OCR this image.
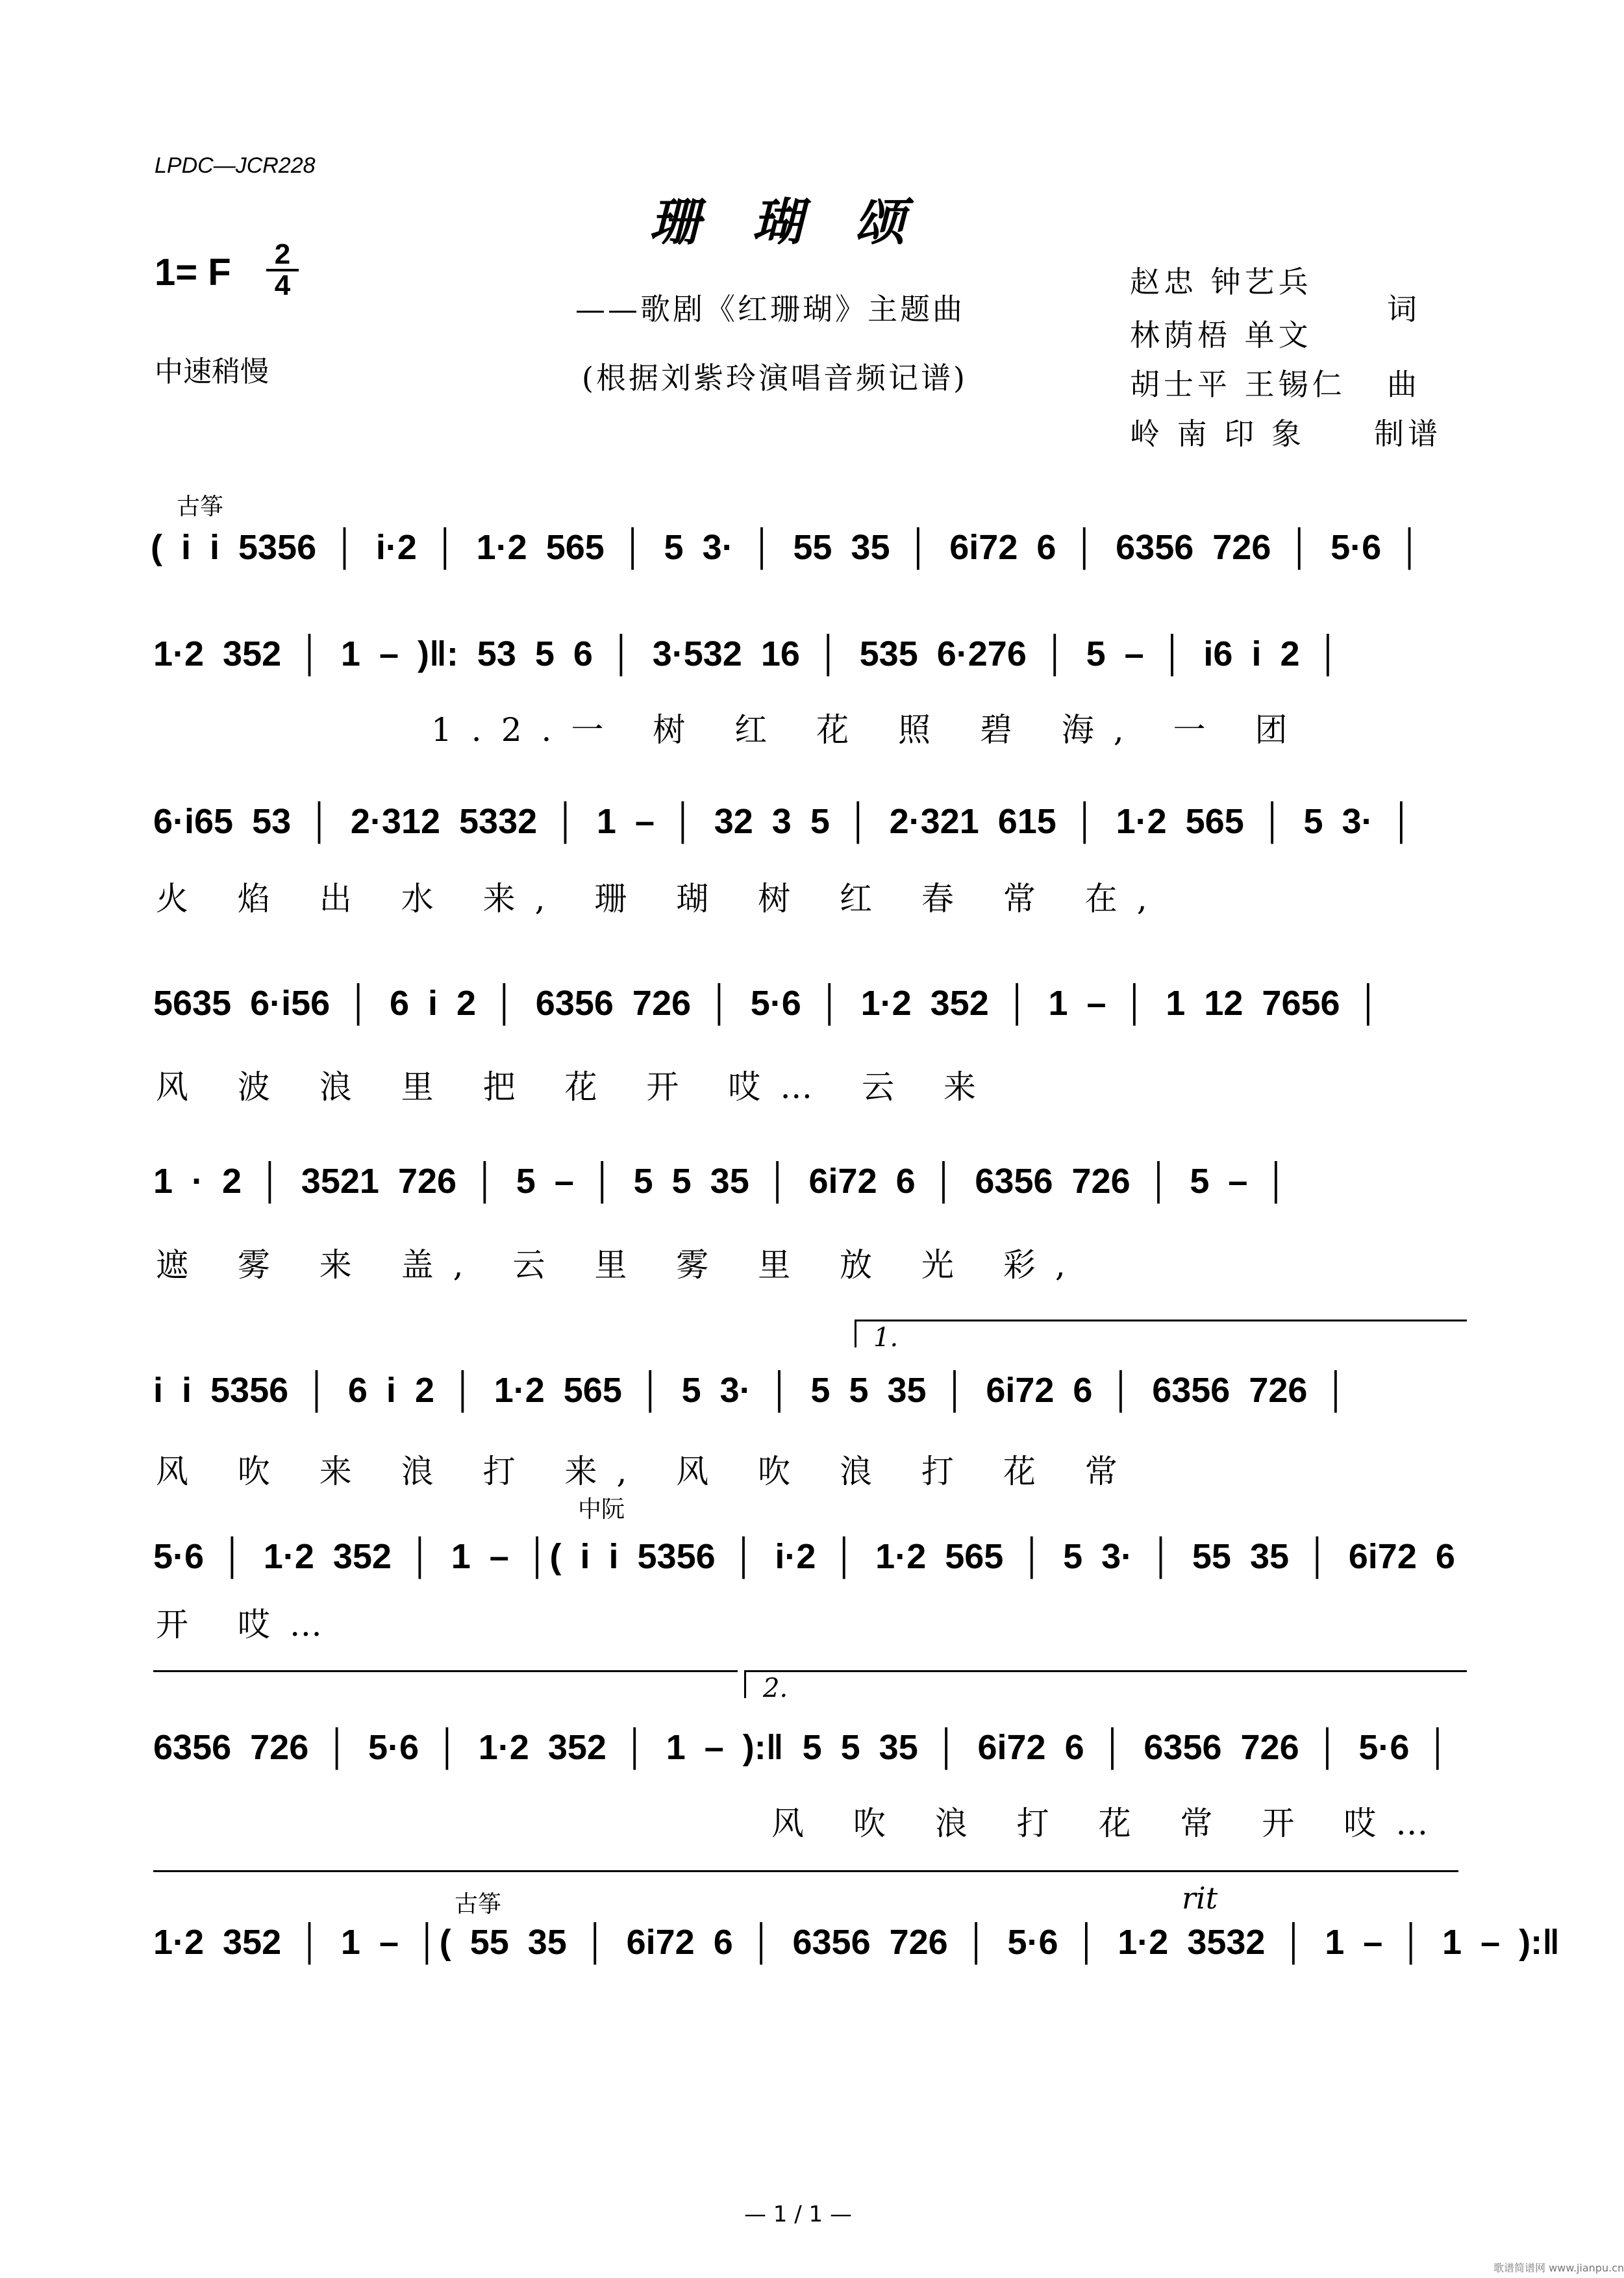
LPDC—JCR228
珊瑚颂
1= F 2
4
中速稍慢
——歌剧《红珊瑚》主题曲
(根据刘紫玲演唱音频记谱)
赵忠 钟艺兵
林荫梧 单文
词
胡士平 王锡仁 曲
岭 南 印 象 制谱
古筝
中阮
古筝
( i i 5356 │ i·2 │ 1·2 565 │ 5 3· │ 55 35 │ 6i72 6 │ 6356 726 │ 5·6 │
1·2 352 │ 1 – )‖: 53 5 6 │ 3·532 16 │ 535 6·276 │ 5 – │ i6 i 2 │
1.2.一 树 红 花 照 碧 海, 一 团
6·i65 53 │ 2·312 5332 │ 1 – │ 32 3 5 │ 2·321 615 │ 1·2 565 │ 5 3· │
火 焰 出 水 来, 珊 瑚 树 红 春 常 在,
5635 6·i56 │ 6 i 2 │ 6356 726 │ 5·6 │ 1·2 352 │ 1 – │ 1 12 7656 │
风 波 浪 里 把 花 开 哎… 云 来
1 · 2 │ 3521 726 │ 5 – │ 5 5 35 │ 6i72 6 │ 6356 726 │ 5 – │
遮 雾 来 盖, 云 里 雾 里 放 光 彩,
1.
i i 5356 │ 6 i 2 │ 1·2 565 │ 5 3· │ 5 5 35 │ 6i72 6 │ 6356 726 │
风 吹 来 浪 打 来, 风 吹 浪 打 花 常
5·6 │ 1·2 352 │ 1 – │( i i 5356 │ i·2 │ 1·2 565 │ 5 3· │ 55 35 │ 6i72 6
开 哎…
2.
6356 726 │ 5·6 │ 1·2 352 │ 1 – ):‖ 5 5 35 │ 6i72 6 │ 6356 726 │ 5·6 │
风 吹 浪 打 花 常 开 哎…
rit
1·2 352 │ 1 – │( 55 35 │ 6i72 6 │ 6356 726 │ 5·6 │ 1·2 3532 │ 1 – │ 1 – ):‖
— 1 / 1 —
歌谱简谱网 www.jianpu.cn
